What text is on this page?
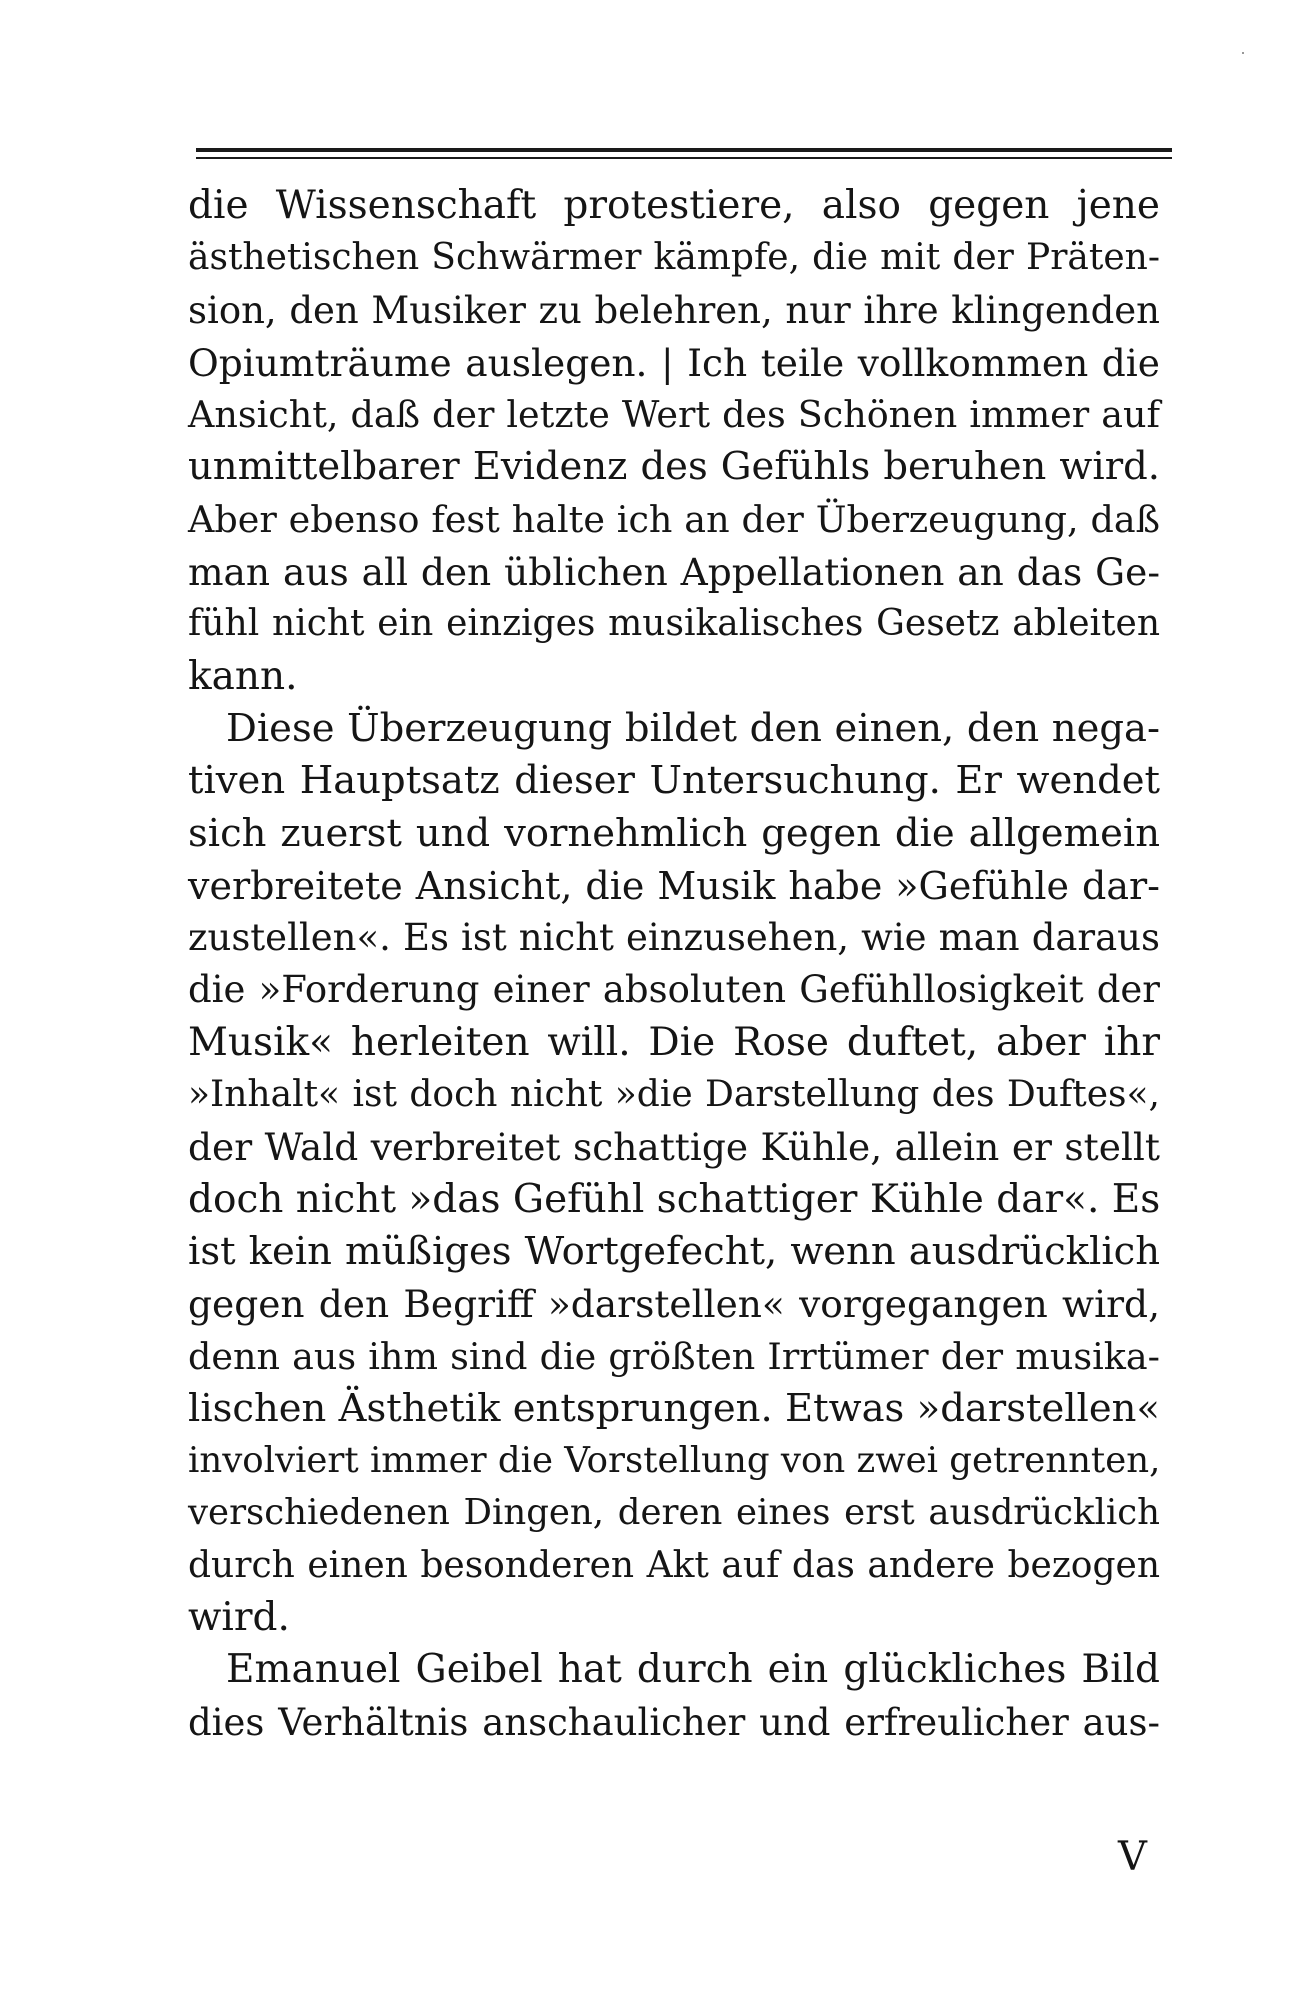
die Wissenschaft protestiere, also gegen jene
ästhetischen Schwärmer kämpfe, die mit der Präten-
sion, den Musiker zu belehren, nur ihre klingenden
Opiumträume auslegen. | Ich teile vollkommen die
Ansicht, daß der letzte Wert des Schönen immer auf
unmittelbarer Evidenz des Gefühls beruhen wird.
Aber ebenso fest halte ich an der Überzeugung, daß
man aus all den üblichen Appellationen an das Ge-
fühl nicht ein einziges musikalisches Gesetz ableiten
kann.
Diese Überzeugung bildet den einen, den nega-
tiven Hauptsatz dieser Untersuchung. Er wendet
sich zuerst und vornehmlich gegen die allgemein
verbreitete Ansicht, die Musik habe »Gefühle dar-
zustellen«. Es ist nicht einzusehen, wie man daraus
die »Forderung einer absoluten Gefühllosigkeit der
Musik« herleiten will. Die Rose duftet, aber ihr
»Inhalt« ist doch nicht »die Darstellung des Duftes«,
der Wald verbreitet schattige Kühle, allein er stellt
doch nicht »das Gefühl schattiger Kühle dar«. Es
ist kein müßiges Wortgefecht, wenn ausdrücklich
gegen den Begriff »darstellen« vorgegangen wird,
denn aus ihm sind die größten Irrtümer der musika-
lischen Ästhetik entsprungen. Etwas »darstellen«
involviert immer die Vorstellung von zwei getrennten,
verschiedenen Dingen, deren eines erst ausdrücklich
durch einen besonderen Akt auf das andere bezogen
wird.
Emanuel Geibel hat durch ein glückliches Bild
dies Verhältnis anschaulicher und erfreulicher aus-
V
